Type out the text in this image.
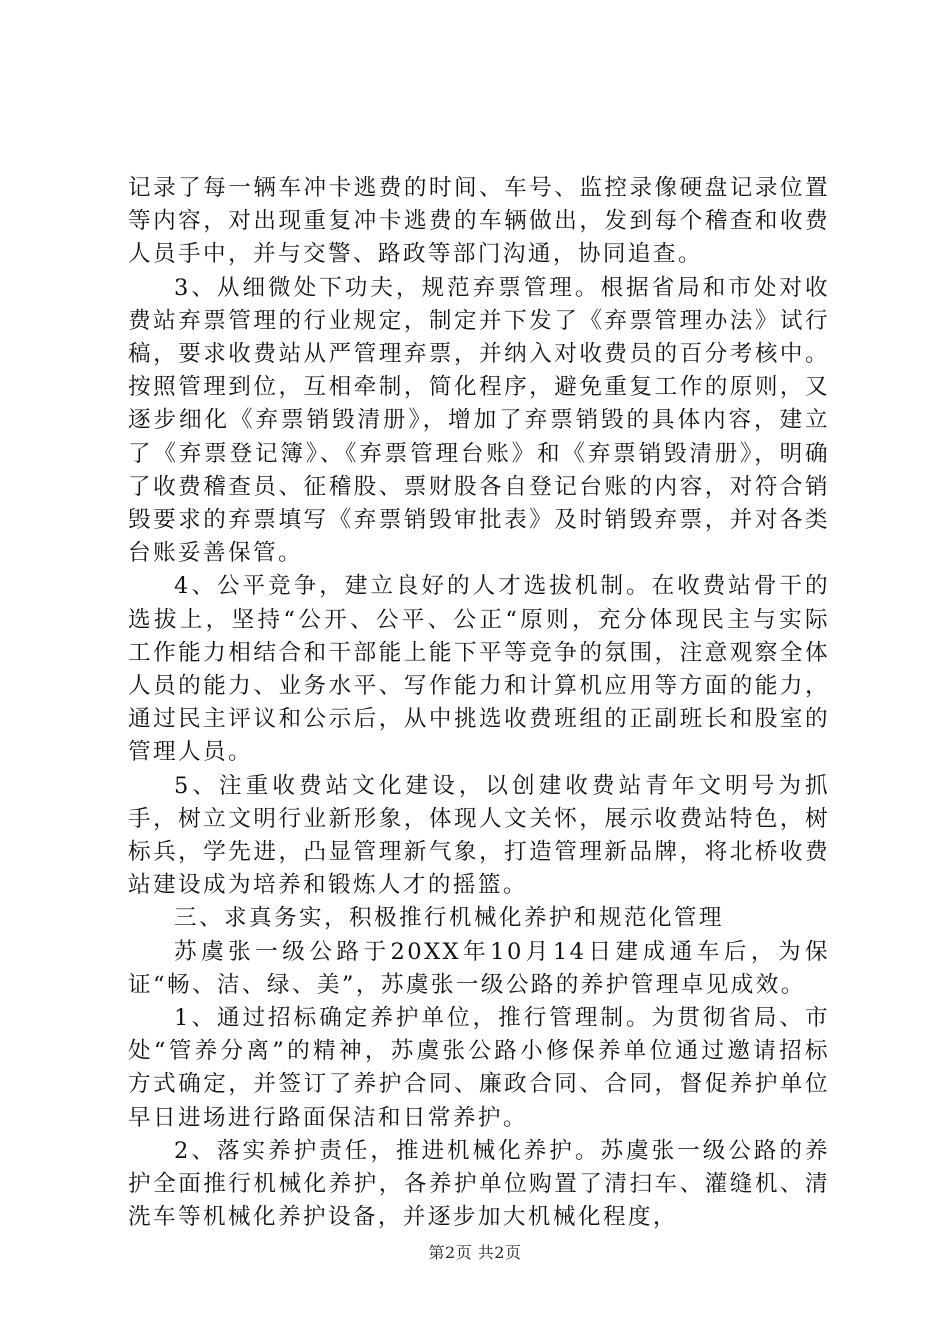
记录了每一辆车冲卡逃费的时间、车号、监控录像硬盘记录位置等内容，对出现重复冲卡逃费的车辆做出，发到每个稽查和收费人员手中，并与交警、路政等部门沟通，协同追查。

3、从细微处下功夫，规范弃票管理。根据省局和市处对收费站弃票管理的行业规定，制定并下发了《弃票管理办法》试行稿，要求收费站从严管理弃票，并纳入对收费员的百分考核中。按照管理到位，互相牵制，简化程序，避免重复工作的原则，又逐步细化《弃票销毁清册》，增加了弃票销毁的具体内容，建立了《弃票登记簿》、《弃票管理台账》和《弃票销毁清册》，明确了收费稽查员、征稽股、票财股各自登记台账的内容，对符合销毁要求的弃票填写《弃票销毁审批表》及时销毁弃票，并对各类台账妥善保管。

4、公平竞争，建立良好的人才选拔机制。在收费站骨干的选拔上，坚持“公开、公平、公正“原则，充分体现民主与实际工作能力相结合和干部能上能下平等竞争的氛围，注意观察全体人员的能力、业务水平、写作能力和计算机应用等方面的能力，通过民主评议和公示后，从中挑选收费班组的正副班长和股室的管理人员。

5、注重收费站文化建设，以创建收费站青年文明号为抓手，树立文明行业新形象，体现人文关怀，展示收费站特色，树标兵，学先进，凸显管理新气象，打造管理新品牌，将北桥收费站建设成为培养和锻炼人才的摇篮。

三、求真务实，积极推行机械化养护和规范化管理

苏虞张一级公路于20XX年10月14日建成通车后，为保证“畅、洁、绿、美”，苏虞张一级公路的养护管理卓见成效。

1、通过招标确定养护单位，推行管理制。为贯彻省局、市处“管养分离”的精神，苏虞张公路小修保养单位通过邀请招标方式确定，并签订了养护合同、廉政合同、合同，督促养护单位早日进场进行路面保洁和日常养护。

2、落实养护责任，推进机械化养护。苏虞张一级公路的养护全面推行机械化养护，各养护单位购置了清扫车、灌缝机、清洗车等机械化养护设备，并逐步加大机械化程度，

第2页 共2页
